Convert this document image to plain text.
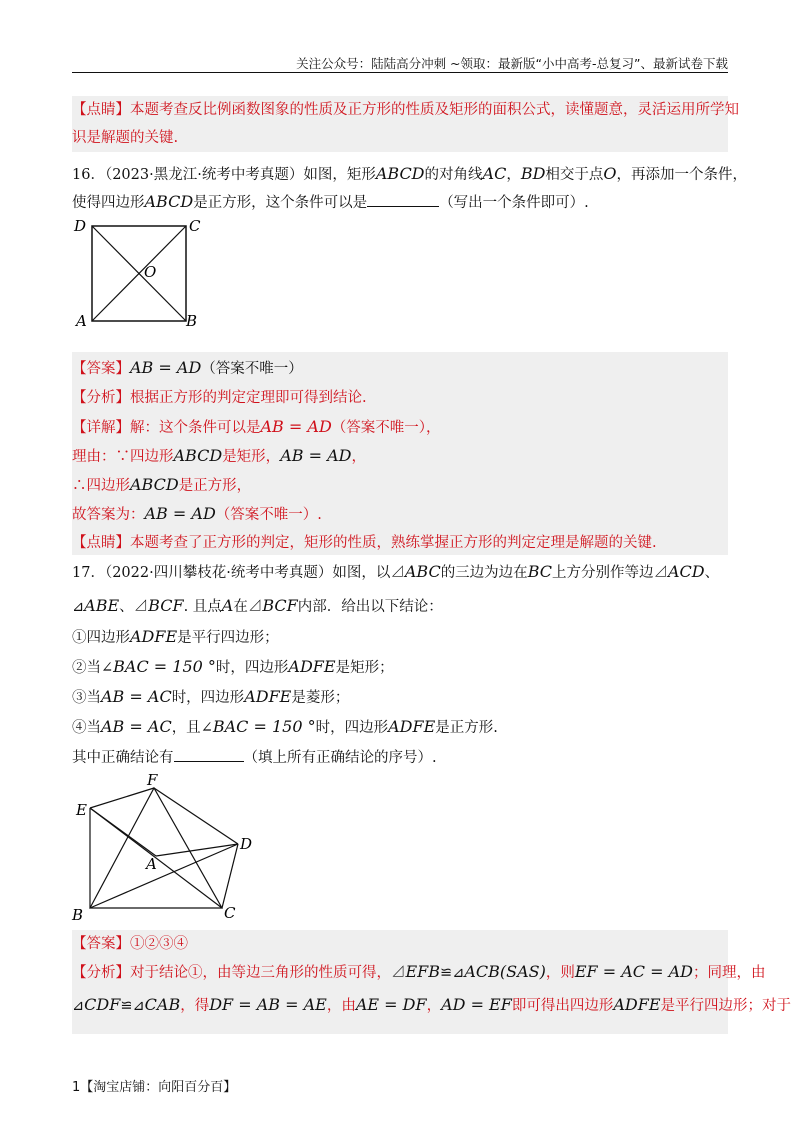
关注公众号：陆陆高分冲刺 ~领取：最新版“小中高考-总复习”、最新试卷下载
【点睛】本题考查反比例函数图象的性质及正方形的性质及矩形的面积公式，读懂题意，灵活运用所学知
识是解题的关键.
16．（2023·黑龙江·统考中考真题）如图，矩形ABCD的对角线AC，BD相交于点O，再添加一个条件，
使得四边形ABCD是正方形，这个条件可以是	（写出一个条件即可）.
D	C
O
A	B
【答案】AB = AD（答案不唯一）
【分析】根据正方形的判定定理即可得到结论.
【详解】解：这个条件可以是AB = AD（答案不唯一），
理由：∵四边形ABCD是矩形，AB = AD，
∴四边形ABCD是正方形，
故答案为：AB = AD（答案不唯一）.
【点睛】本题考查了正方形的判定，矩形的性质，熟练掌握正方形的判定定理是解题的关键.
17．（2022·四川攀枝花·统考中考真题）如图，以⊿ABC的三边为边在BC上方分别作等边⊿ACD、
⊿ABE、⊿BCF. 且点A在⊿BCF内部．给出以下结论：
①四边形ADFE是平行四边形；
②当∠BAC = 150 °时，四边形ADFE是矩形；
③当AB = AC时，四边形ADFE是菱形；
④当AB = AC，且∠BAC = 150 °时，四边形ADFE是正方形.
其中正确结论有	（填上所有正确结论的序号）.
F
E
D
A
B	C
【答案】①②③④
【分析】对于结论①，由等边三角形的性质可得，⊿EFB≌⊿ACB(SAS)，则EF = AC = AD；同理，由
⊿CDF≌⊿CAB，得DF = AB = AE，由AE = DF，AD = EF即可得出四边形ADFE是平行四边形；对于
1【淘宝店铺：向阳百分百】
